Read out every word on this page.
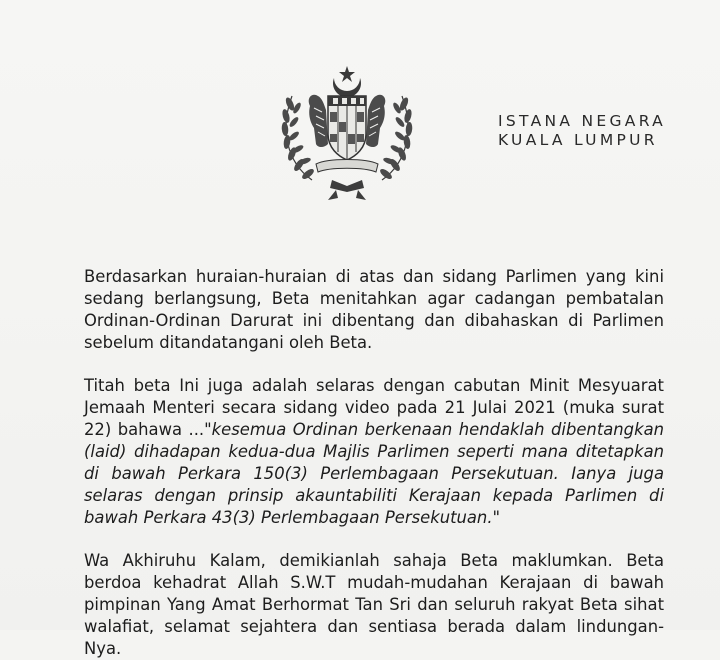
ISTANA NEGARA
KUALA LUMPUR

Berdasarkan huraian-huraian di atas dan sidang Parlimen yang kini sedang berlangsung, Beta menitahkan agar cadangan pembatalan Ordinan-Ordinan Darurat ini dibentang dan dibahaskan di Parlimen sebelum ditandatangani oleh Beta.

Titah beta Ini juga adalah selaras dengan cabutan Minit Mesyuarat Jemaah Menteri secara sidang video pada 21 Julai 2021 (muka surat 22) bahawa ..."kesemua Ordinan berkenaan hendaklah dibentangkan (laid) dihadapan kedua-dua Majlis Parlimen seperti mana ditetapkan di bawah Perkara 150(3) Perlembagaan Persekutuan. Ianya juga selaras dengan prinsip akauntabiliti Kerajaan kepada Parlimen di bawah Perkara 43(3) Perlembagaan Persekutuan."

Wa Akhiruhu Kalam, demikianlah sahaja Beta maklumkan. Beta berdoa kehadrat Allah S.W.T mudah-mudahan Kerajaan di bawah pimpinan Yang Amat Berhormat Tan Sri dan seluruh rakyat Beta sihat walafiat, selamat sejahtera dan sentiasa berada dalam lindungan-Nya.
